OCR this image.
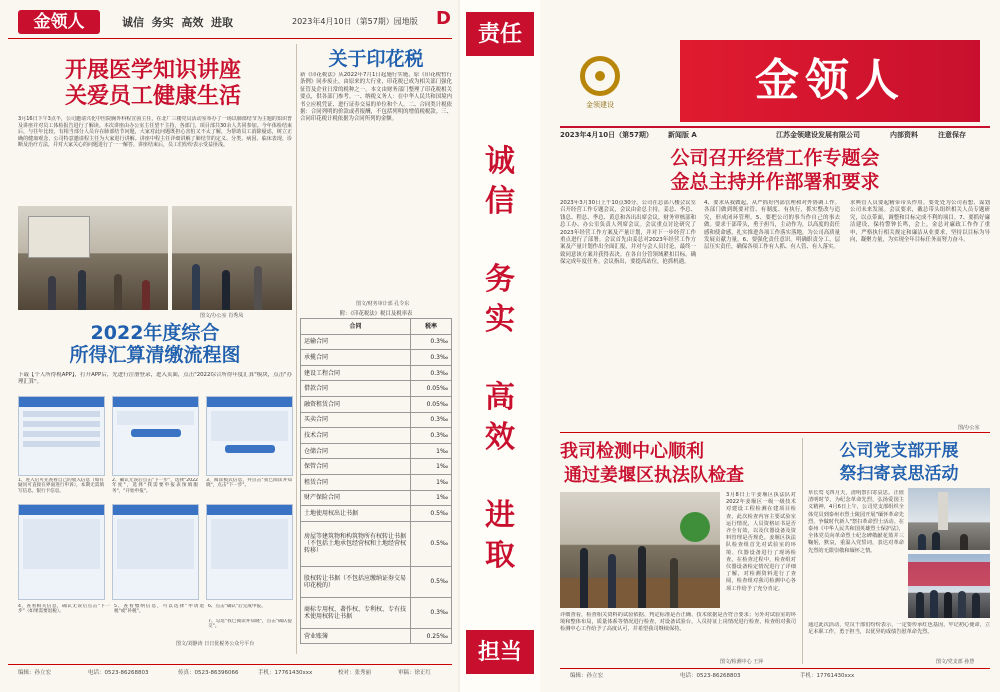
金领人	诚信  务实  高效  进取	2023年4月10日（第57期）园地版 D
开展医学知识讲座
关爱员工健康生活
3月16日下午3点半，公司邀请兴化中医院胸外科程宣茵主任，在北厂三楼党员活动室举办了一场以肺部结节为主题的知识普及讲座并对员工体检报告进行了解读。本次讲座由办公室主任望干主持，各部门、项目部共30余人共同参加。今年体检结束后，与往年比较，有相当部分人员存在肺部结节问题，大家对此问题既担心害怕又不太了解，为帮助员工消除疑虑，树立正确的健康观念，公司特意邀请程主任为大家进行讲解。讲座中程主任详细讲解了肺结节的定义、分类、病因、临床表现、诊断及治疗方法，并对大家关心的问题进行了一一解答。讲座结束后，员工们纷纷表示受益匪浅。
图文/办公室 肖秀凤
2022年度综合
所得汇算清缴流程图
下载【个人所得税APP】，打开APP后，先进行注册登录，进入页面，点击"2022综合所得年度汇算"模块，点击"办理汇算"。
1、进入后可先查看自己的收入信息（如有疑问可直接在界面进行申诉），本期无需填写信息。银行卡信息。
2、确认无误后点击"下一步"，选择"2022年度"，选择"我需要申报表预填服务"，"开始申报"。
3、阅读模式信息，并点击"我已阅读并知晓"，点击"下一步"。
4、查看相关信息，确认无误后点击"下一步"（如果需要退税）。
5、查看缴纳信息，可以选择"申请退税"或"补税"。
6、点击"确认"后完成申报。
7、勾选"我已阅读并知晓"，点击"确认提交"。
图文/刘静涛 日日优税务公众号平台
关于印花税
新《印花税法》从2022年7月1日起施行实施，原《印花税暂行条例》同步废止。由原来的大行业，印花税已成为相关部门强化征管及企业日常的税种之一。本文由财务部门整理了印花税相关要点，供各部门参考。一、纳税义务人：在中华人民共和国境内书立应税凭证、进行证券交易的单位和个人。二、合同类计税依据：合同列明的价款或者报酬，不包括列明的增值税税款。三、合同印花税计税依据为合同所列的金额。
图文/财务审计部 孔令东
附：《印花税法》税目及税率表
合同	税率
运输合同	0.3‰
承揽合同	0.3‰
建设工程合同	0.3‰
借款合同	0.05‰
融资租赁合同	0.05‰
买卖合同	0.3‰
技术合同	0.3‰
仓储合同	1‰
保管合同	1‰
租赁合同	1‰
财产保险合同	1‰
土地使用权出让书据	0.5‰
房屋等建筑物和构筑物所有权转让书据（不包括土地承包经营权和土地经营权转移）	0.5‰
股权转让书据（不包括应缴纳证券交易印花税的）	0.5‰
商标专用权、著作权、专利权、专有技术使用权转让书据	0.3‰
营业账簿	0.25‰
编辑：孙立宏	电话：0523-86268803	传真：0523-86396066	手机：17761430xxx	校对：张秀丽	审稿：徐正红
责任
诚
信
务
实
高
效
进
取
担当
金领建设	金领人
2023年4月10日（第57期） 新闻版 A	江苏金领建设发展有限公司	内部资料	注意保存
公司召开经营工作专题会
金总主持并作部署和要求
2023年3月30日上午10点30分，公司在总部八楼会议室召开经营工作专题会议，会议由金总主持，姜总、李总、钱总、程总、季总、黄总和各出出席会议，财务审核部和总工办、办公室负责人列席会议。会议重点讨论研究了2023年经营工作方案及产量计划，并对下一步经营工作重点进行了部署。会议首先由姜总对2023年经营工作方案及产量计划作出全面汇报，并对与会人员讨论，最终一致同意该方案并获得表决。在各自分管领域紧扣目标，确保完成年度任务。会议指出，要提高站位，抢抓机遇。
4、要求从我做起，从严抓好内部管理和对外协调工作。各部门做到既要对管、有制度、有执行，抓实整改与追究，形成闭环管理。5、要把公司的事当作自己的事去做。要求干部带头，勇于担当，主动作为，以高度的责任感和使命感，扎实推进各项工作落实落地，为公司高质量发展贡献力量。6、要强化责任意识。明确职责分工，层层压实责任，确保各项工作有人抓、有人管、有人落实。
求典管人员要起精带带头作用。要处处为公司着想，谋划公司未来发展。会议要求，戴总带头组织相关人员专题研究，以点带面，调整和目标完成不利的项目。7、要抓好廉洁建设，保持警钟长鸣，会上，金总对廉政工作作了重申，严格执行相关规定和廉洁从业要求，坚持以目标为导向，凝聚力量，为实现全年目标任务而努力奋斗。
图/办公室
我司检测中心顺利
通过姜堰区执法队检查
3月8日上午姜堰区执法队对2022年姜堰区一级一级技术对建设工程检测在建项目检查，此次检查内容主要试验室运行情况，人员资格证书是否齐全有效，以及仪器设备及资料管理是否规范。姜堰区执法队检查组首先对试验室的环境、仪器设备进行了现场检查。在检查过程中，检查组对仪器设备检定情况进行了详细了解，对检测资料进行了查阅，检查组对我司检测中心各项工作给予了充分肯定。
详细查看，检查相关资料的试验依据、判定标准是否正确、技术依据是否符合要求；另外对试验室的环境和整体布局，质量体系等情况进行检查，对设备试验台，人员持证上岗情况进行检查，检查组对我司检测中心工作给予了高度认可，并希望我司继续保持。
图文/检测中心 王萍
公司党支部开展
祭扫寄哀思活动
草长莺飞四月天，清明祭扫寄哀思。正值清明时节，为纪念革命先烈，弘扬爱国主义精神，4月6日上午，公司党支部组织全体党员到泰州市烈士陵园开展"缅怀革命先烈，争做时代新人"祭扫革命烈士活动。在泰州《中华人民共和国英雄烈士保护法》，全体党员向革命烈士纪念碑敬献花篮并三鞠躬，默哀，重温入党誓词，表达对革命先烈的无限崇敬和缅怀之情。
通过此次活动，党员干部们纷纷表示，一定要传承红色基因，牢记初心使命，立足本职工作，勇于担当，以优异的成绩告慰革命先烈。
图文/党支部 孙慧
编辑：孙立宏	电话：0523-86268803	手机：17761430xxx
